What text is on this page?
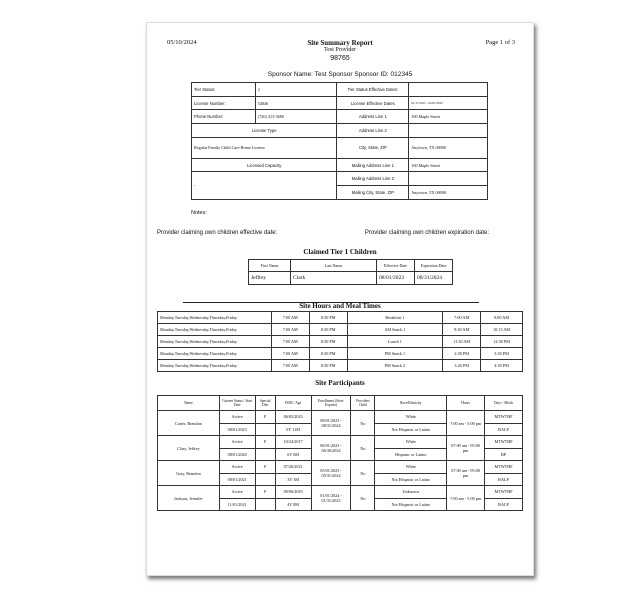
05/10/2024	Site Summary Report	Page 1 of 3
Test Provider
98765
Sponsor Name: Test Sponsor Sponsor ID: 012345
Tier Status:	2	Tier Status Effective Dates:	
License Number:	54846	License Effective Dates	01/17/2015 - 02/01/2025
Phone Number:	(720) 413-3680	Address Line 1	100 Maple Street
License Type		Address Line 2	
Regular Family Child Care Home License		City, State, ZIP	Anytown, TX 00000
Licensed Capacity		Mailing Address Line 1	100 Maple Street
-		Mailing Address Line 2	
		Mailing City, State, ZIP	Anytown, TX 00000
Notes:
Provider claiming own children effective date:	Provider claiming own children expiration date:
Claimed Tier 1 Children
First Name	Last Name	Effective Date	Expiration Date
Jeffrey	Clark	08/01/2023	08/31/2024
Site Hours and Meal Times
Monday,Tuesday,Wednesday,Thursday,Friday	7:00 AM	8:30 PM	Breakfast 1	7:00 AM	9:00 AM
Monday,Tuesday,Wednesday,Thursday,Friday	7:00 AM	8:30 PM	AM Snack 1	9:30 AM	10:15 AM
Monday,Tuesday,Wednesday,Thursday,Friday	7:00 AM	8:30 PM	Lunch 1	11:30 AM	12:30 PM
Monday,Tuesday,Wednesday,Thursday,Friday	7:00 AM	8:30 PM	PM Snack 1	2:30 PM	3:30 PM
Monday,Tuesday,Wednesday,Thursday,Friday	7:00 AM	8:30 PM	PM Snack 2	3:45 PM	4:30 PM
Site Participants
Name	Current Status / Start Date	Special Diet	DOB / Age	Enrollment (Start-Expires)	Providers Child	Race/Ethnicity	Hours	Days / Meals
Carter, Brandon	Active	F	06/02/2023	08/01/2023 - 08/31/2024	No	White	7:00 am - 5:00 pm	MTWTHF
	08/01/2023		0Y 11M			Not Hispanic or Latino		BALP
Clary, Jeffrey	Active	F	10/24/2017	06/01/2023 - 06/30/2024	No	White	07:00 am - 05:00 pm	MTWTHF
	08/01/2020		6Y 6M			Hispanic or Latino		BP
Gray, Brandon	Active	F	07/26/2021	05/01/2023 - 05/31/2024	No	White	07:00 am - 05:00 pm	MTWTHF
	08/01/2021		3Y 3M			Not Hispanic or Latino		BALP
Jackson, Jennifer	Active	F	09/06/2019	01/01/2024 - 01/31/2025	No	Unknown	7:00 am - 5:00 pm	MTWTHF
	11/01/2021		4Y 8M			Not Hispanic or Latino		BALP
